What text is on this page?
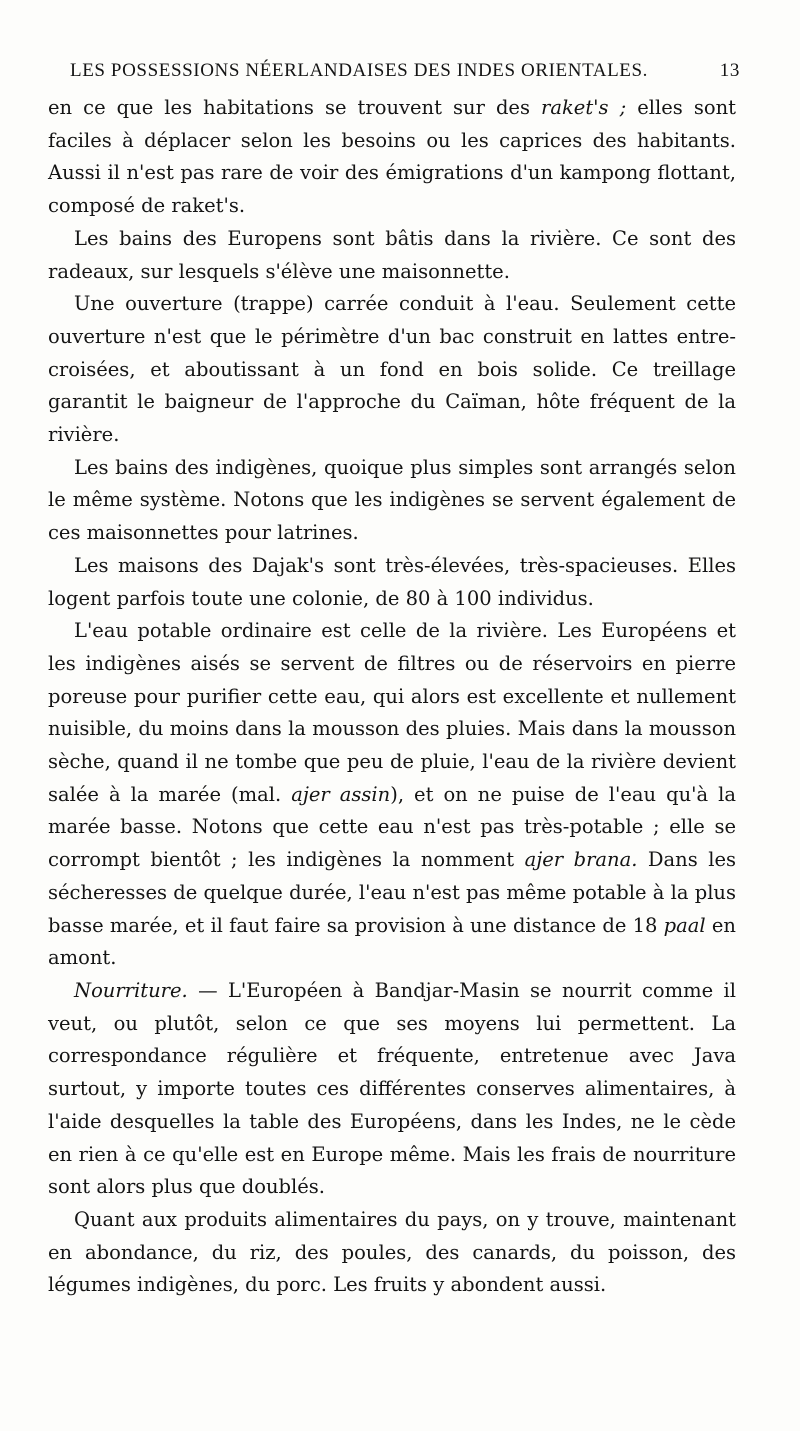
LES POSSESSIONS NÉERLANDAISES DES INDES ORIENTALES.	13

en ce que les habitations se trouvent sur des raket's ; elles sont faciles à déplacer selon les besoins ou les caprices des habitants. Aussi il n'est pas rare de voir des émigrations d'un kampong flottant, composé de raket's.

Les bains des Europens sont bâtis dans la rivière. Ce sont des radeaux, sur lesquels s'élève une maisonnette.

Une ouverture (trappe) carrée conduit à l'eau. Seulement cette ouverture n'est que le périmètre d'un bac construit en lattes entre-croisées, et aboutissant à un fond en bois solide. Ce treillage garantit le baigneur de l'approche du Caïman, hôte fréquent de la rivière.

Les bains des indigènes, quoique plus simples sont arrangés selon le même système. Notons que les indigènes se servent également de ces maisonnettes pour latrines.

Les maisons des Dajak's sont très-élevées, très-spacieuses. Elles logent parfois toute une colonie, de 80 à 100 individus.

L'eau potable ordinaire est celle de la rivière. Les Européens et les indigènes aisés se servent de filtres ou de réservoirs en pierre poreuse pour purifier cette eau, qui alors est excellente et nullement nuisible, du moins dans la mousson des pluies. Mais dans la mousson sèche, quand il ne tombe que peu de pluie, l'eau de la rivière devient salée à la marée (mal. ajer assin), et on ne puise de l'eau qu'à la marée basse. Notons que cette eau n'est pas très-potable ; elle se corrompt bientôt ; les indigènes la nomment ajer brana. Dans les sécheresses de quelque durée, l'eau n'est pas même potable à la plus basse marée, et il faut faire sa provision à une distance de 18 paal en amont.

Nourriture. — L'Européen à Bandjar-Masin se nourrit comme il veut, ou plutôt, selon ce que ses moyens lui permettent. La correspondance régulière et fréquente, entretenue avec Java surtout, y importe toutes ces différentes conserves alimentaires, à l'aide desquelles la table des Européens, dans les Indes, ne le cède en rien à ce qu'elle est en Europe même. Mais les frais de nourriture sont alors plus que doublés.

Quant aux produits alimentaires du pays, on y trouve, maintenant en abondance, du riz, des poules, des canards, du poisson, des légumes indigènes, du porc. Les fruits y abondent aussi.
